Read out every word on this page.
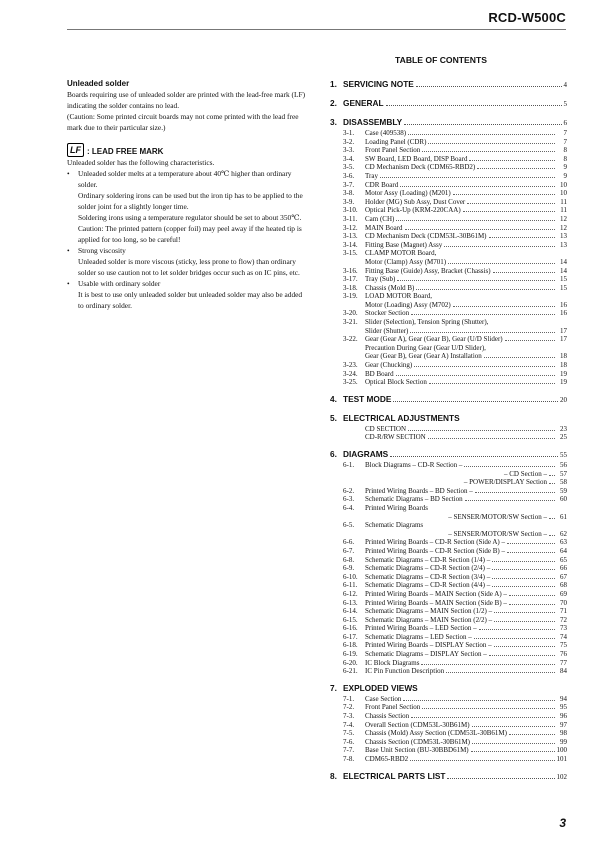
RCD-W500C
Unleaded solder
Boards requiring use of unleaded solder are printed with the lead-free mark (LF) indicating the solder contains no lead.
(Caution: Some printed circuit boards may not come printed with the lead free mark due to their particular size.)
LF : LEAD FREE MARK
Unleaded solder has the following characteristics.
•	Unleaded solder melts at a temperature about 40℃ higher than ordinary solder.
Ordinary soldering irons can be used but the iron tip has to be applied to the solder joint for a slightly longer time.
Soldering irons using a temperature regulator should be set to about 350℃.
Caution: The printed pattern (copper foil) may peel away if the heated tip is applied for too long, so be careful!
•	Strong viscosity
Unleaded solder is more viscous (sticky, less prone to flow) than ordinary solder so use caution not to let solder bridges occur such as on IC pins, etc.
•	Usable with ordinary solder
It is best to use only unleaded solder but unleaded solder may also be added to ordinary solder.
TABLE OF CONTENTS
1. SERVICING NOTE	4
2. GENERAL	5
3. DISASSEMBLY	6
3-1.	Case (409538)	7
3-2.	Loading Panel (CDR)	7
3-3.	Front Panel Section	8
3-4.	SW Board, LED Board, DISP Board	8
3-5.	CD Mechanism Deck (CDM65-RBD2)	9
3-6.	Tray	9
3-7.	CDR Board	10
3-8.	Motor Assy (Loading) (M201)	10
3-9.	Holder (MG) Sub Assy, Dust Cover	11
3-10.	Optical Pick-Up (KRM-220CAA)	11
3-11.	Cam (CH)	12
3-12.	MAIN Board	12
3-13.	CD Mechanism Deck (CDM53L-30B61M)	13
3-14.	Fitting Base (Magnet) Assy	13
3-15.	CLAMP MOTOR Board,
Motor (Clamp) Assy (M701)	14
3-16.	Fitting Base (Guide) Assy, Bracket (Chassis)	14
3-17.	Tray (Sub)	15
3-18.	Chassis (Mold B)	15
3-19.	LOAD MOTOR Board,
Motor (Loading) Assy (M702)	16
3-20.	Stocker Section	16
3-21.	Slider (Selection), Tension Spring (Shutter),
Slider (Shutter)	17
3-22.	Gear (Gear A), Gear (Gear B), Gear (U/D Slider)	17
Precaution During Gear (Gear U/D Slider),
Gear (Gear B), Gear (Gear A) Installation	18
3-23.	Gear (Chucking)	18
3-24.	BD Board	19
3-25.	Optical Block Section	19
4. TEST MODE	20
5. ELECTRICAL ADJUSTMENTS
CD SECTION	23
CD-R/RW SECTION	25
6. DIAGRAMS	55
6-1.	Block Diagrams – CD-R Section –	56
– CD Section –	57
– POWER/DISPLAY Section	58
6-2.	Printed Wiring Boards – BD Section –	59
6-3.	Schematic Diagrams – BD Section	60
6-4.	Printed Wiring Boards
– SENSER/MOTOR/SW Section –	61
6-5.	Schematic Diagrams
– SENSER/MOTOR/SW Section –	62
6-6.	Printed Wiring Boards – CD-R Section (Side A) –	63
6-7.	Printed Wiring Boards – CD-R Section (Side B) –	64
6-8.	Schematic Diagrams – CD-R Section (1/4) –	65
6-9.	Schematic Diagrams – CD-R Section (2/4) –	66
6-10.	Schematic Diagrams – CD-R Section (3/4) –	67
6-11.	Schematic Diagrams – CD-R Section (4/4) –	68
6-12.	Printed Wiring Boards – MAIN Section (Side A) –	69
6-13.	Printed Wiring Boards – MAIN Section (Side B) –	70
6-14.	Schematic Diagrams – MAIN Section (1/2) –	71
6-15.	Schematic Diagrams – MAIN Section (2/2) –	72
6-16.	Printed Wiring Boards – LED Section –	73
6-17.	Schematic Diagrams – LED Section –	74
6-18.	Printed Wiring Boards – DISPLAY Section –	75
6-19.	Schematic Diagrams – DISPLAY Section –	76
6-20.	IC Block Diagrams	77
6-21.	IC Pin Function Description	84
7. EXPLODED VIEWS
7-1.	Case Section	94
7-2.	Front Panel Section	95
7-3.	Chassis Section	96
7-4.	Overall Section (CDM53L-30B61M)	97
7-5.	Chassis (Mold) Assy Section (CDM53L-30B61M)	98
7-6.	Chassis Section (CDM53L-30B61M)	99
7-7.	Base Unit Section (BU-30BBD61M)	100
7-8.	CDM65-RBD2	101
8. ELECTRICAL PARTS LIST	102
3
